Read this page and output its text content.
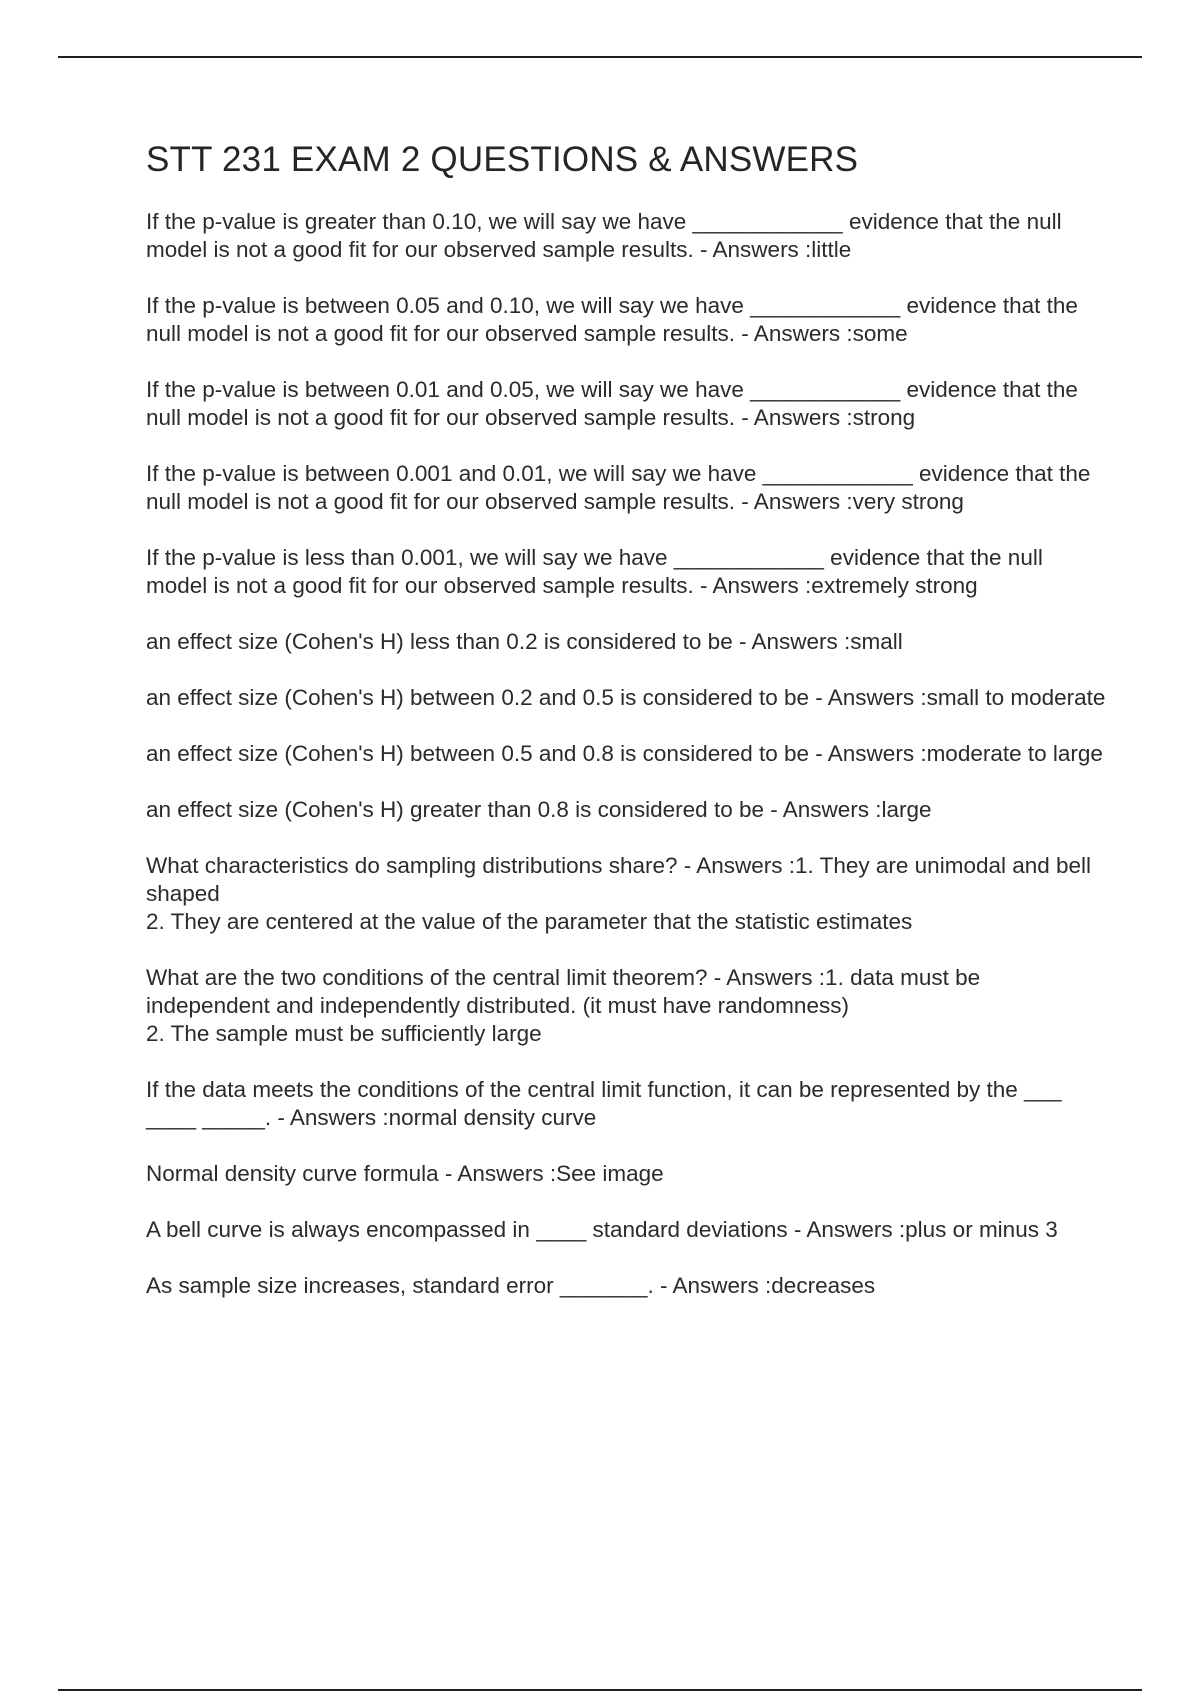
STT 231 EXAM 2 QUESTIONS & ANSWERS
If the p-value is greater than 0.10, we will say we have ____________ evidence that the null model is not a good fit for our observed sample results. - Answers :little
If the p-value is between 0.05 and 0.10, we will say we have ____________ evidence that the null model is not a good fit for our observed sample results. - Answers :some
If the p-value is between 0.01 and 0.05, we will say we have ____________ evidence that the null model is not a good fit for our observed sample results. - Answers :strong
If the p-value is between 0.001 and 0.01, we will say we have ____________ evidence that the null model is not a good fit for our observed sample results. - Answers :very strong
If the p-value is less than 0.001, we will say we have ____________ evidence that the null model is not a good fit for our observed sample results. - Answers :extremely strong
an effect size (Cohen's H) less than 0.2 is considered to be - Answers :small
an effect size (Cohen's H) between 0.2 and 0.5 is considered to be - Answers :small to moderate
an effect size (Cohen's H) between 0.5 and 0.8 is considered to be - Answers :moderate to large
an effect size (Cohen's H) greater than 0.8 is considered to be - Answers :large
What characteristics do sampling distributions share? - Answers :1. They are unimodal and bell shaped
2. They are centered at the value of the parameter that the statistic estimates
What are the two conditions of the central limit theorem? - Answers :1. data must be independent and independently distributed. (it must have randomness)
2. The sample must be sufficiently large
If the data meets the conditions of the central limit function, it can be represented by the ___ ____ _____. - Answers :normal density curve
Normal density curve formula - Answers :See image
A bell curve is always encompassed in ____ standard deviations - Answers :plus or minus 3
As sample size increases, standard error _______. - Answers :decreases
